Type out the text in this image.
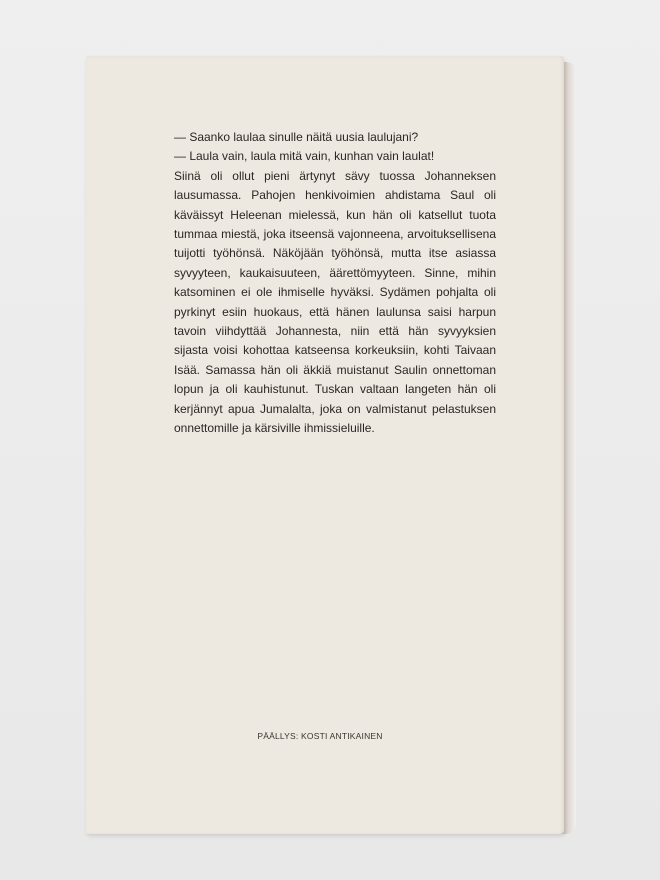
— Saanko laulaa sinulle näitä uusia laulujani?

— Laula vain, laula mitä vain, kunhan vain laulat!

Siinä oli ollut pieni ärtynyt sävy tuossa Johanneksen lausumassa. Pahojen henkivoimien ahdistama Saul oli käväissyt Heleenan mielessä, kun hän oli katsellut tuota tummaa miestä, joka itseensä vajonneena, arvoituksellisena tuijotti työhönsä. Näköjään työhönsä, mutta itse asiassa syvyyteen, kaukaisuuteen, äärettömyyteen. Sinne, mihin katsominen ei ole ihmiselle hyväksi. Sydämen pohjalta oli pyrkinyt esiin huokaus, että hänen laulunsa saisi harpun tavoin viihdyttää Johannesta, niin että hän syvyyksien sijasta voisi kohottaa katseensa korkeuksiin, kohti Taivaan Isää. Samassa hän oli äkkiä muistanut Saulin onnettoman lopun ja oli kauhistunut. Tuskan valtaan langeten hän oli kerjännyt apua Jumalalta, joka on valmistanut pelastuksen onnettomille ja kärsiville ihmissieluille.

PÄÄLLYS: KOSTI ANTIKAINEN
